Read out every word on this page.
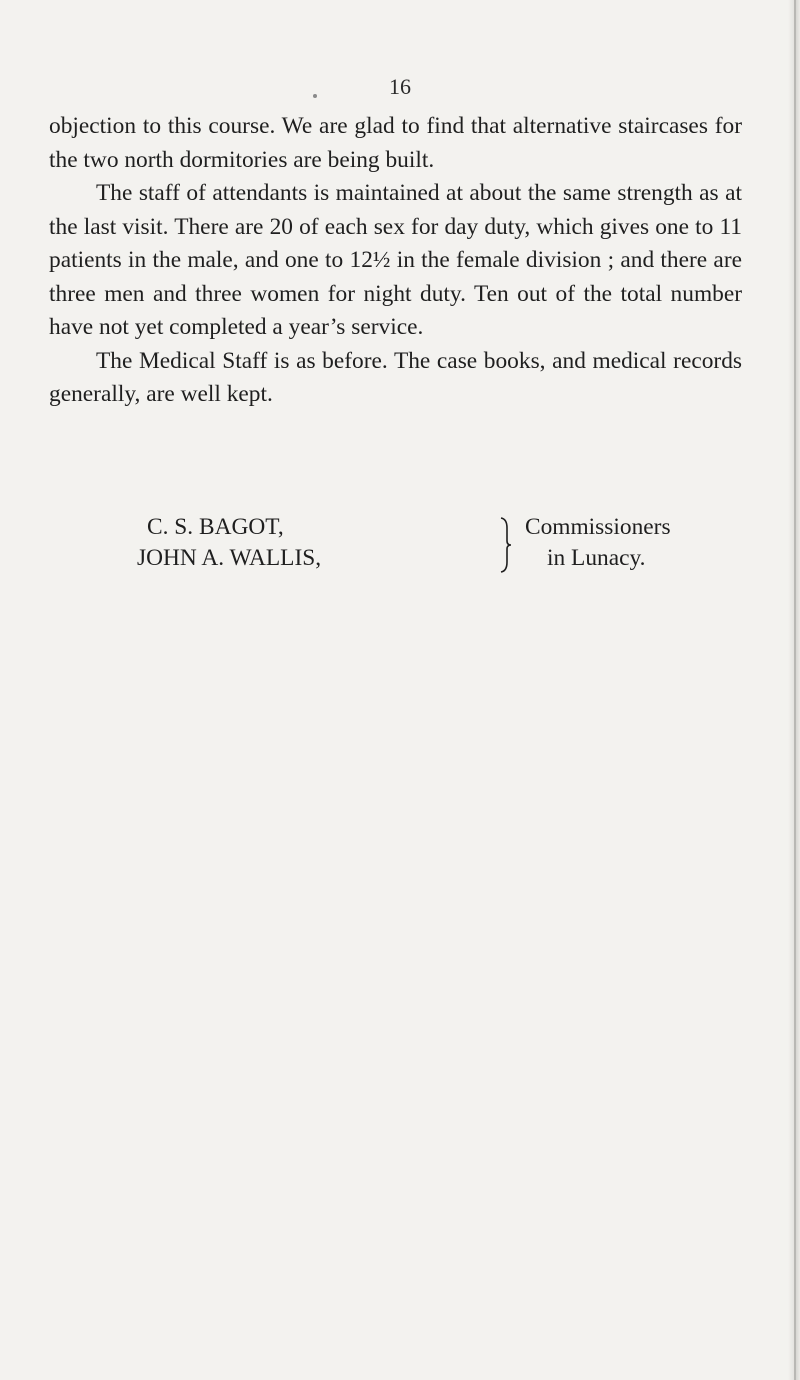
16

objection to this course. We are glad to find that alternative staircases for the two north dormitories are being built.

The staff of attendants is maintained at about the same strength as at the last visit. There are 20 of each sex for day duty, which gives one to 11 patients in the male, and one to 12½ in the female division ; and there are three men and three women for night duty. Ten out of the total number have not yet completed a year’s service.

The Medical Staff is as before. The case books, and medical records generally, are well kept.

C. S. BAGOT,
JOHN A. WALLIS,
Commissioners
in Lunacy.
